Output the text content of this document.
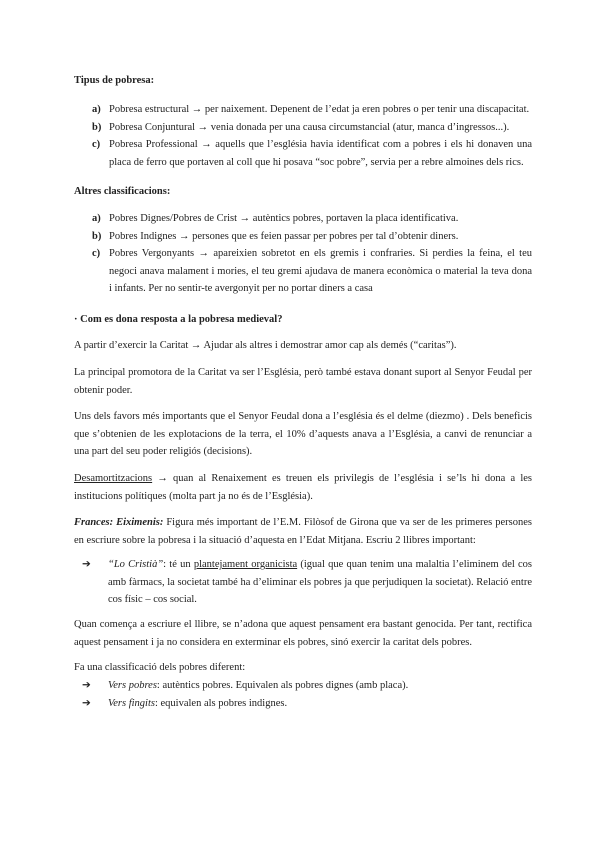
Tipus de pobresa:
a) Pobresa estructural → per naixement. Depenent de l’edat ja eren pobres o per tenir una discapacitat.
b) Pobresa Conjuntural → venia donada per una causa circumstancial (atur, manca d’ingressos...).
c) Pobresa Professional → aquells que l’església havia identificat com a pobres i els hi donaven una placa de ferro que portaven al coll que hi posava “soc pobre”, servia per a rebre almoines dels rics.
Altres classificacions:
a) Pobres Dignes/Pobres de Crist → autèntics pobres, portaven la placa identificativa.
b) Pobres Indignes → persones que es feien passar per pobres per tal d’obtenir diners.
c) Pobres Vergonyants → apareixien sobretot en els gremis i confraries. Si perdies la feina, el teu negoci anava malament i mories, el teu gremi ajudava de manera econòmica o material la teva dona i infants. Per no sentir-te avergonyit per no portar diners a casa
· Com es dona resposta a la pobresa medieval?

A partir d’exercir la Caritat → Ajudar als altres i demostrar amor cap als demés (“caritas”).

La principal promotora de la Caritat va ser l’Església, però també estava donant suport al Senyor Feudal per obtenir poder.

Uns dels favors més importants que el Senyor Feudal dona a l’església és el delme (diezmo) . Dels beneficis que s’obtenien de les explotacions de la terra, el 10% d’aquests anava a l’Església, a canvi de renunciar a una part del seu poder religiós (decisions).

Desamortitzacions → quan al Renaixement es treuen els privilegis de l’església i se’ls hi dona a les institucions polítiques (molta part ja no és de l’Església).

Frances: Eiximenis: Figura més important de l’E.M. Filòsof de Girona que va ser de les primeres persones en escriure sobre la pobresa i la situació d’aquesta en l’Edat Mitjana. Escriu 2 llibres important:

➔ “Lo Cristià”: té un plantejament organicista (igual que quan tenim una malaltia l’eliminem del cos amb fàrmacs, la societat també ha d’eliminar els pobres ja que perjudiquen la societat). Relació entre cos físic – cos social.

Quan comença a escriure el llibre, se n’adona que aquest pensament era bastant genocida. Per tant, rectifica aquest pensament i ja no considera en exterminar els pobres, sinó exercir la caritat dels pobres.

Fa una classificació dels pobres diferent:

➔ Vers pobres: autèntics pobres. Equivalen als pobres dignes (amb placa).
➔ Vers fingits: equivalen als pobres indignes.
